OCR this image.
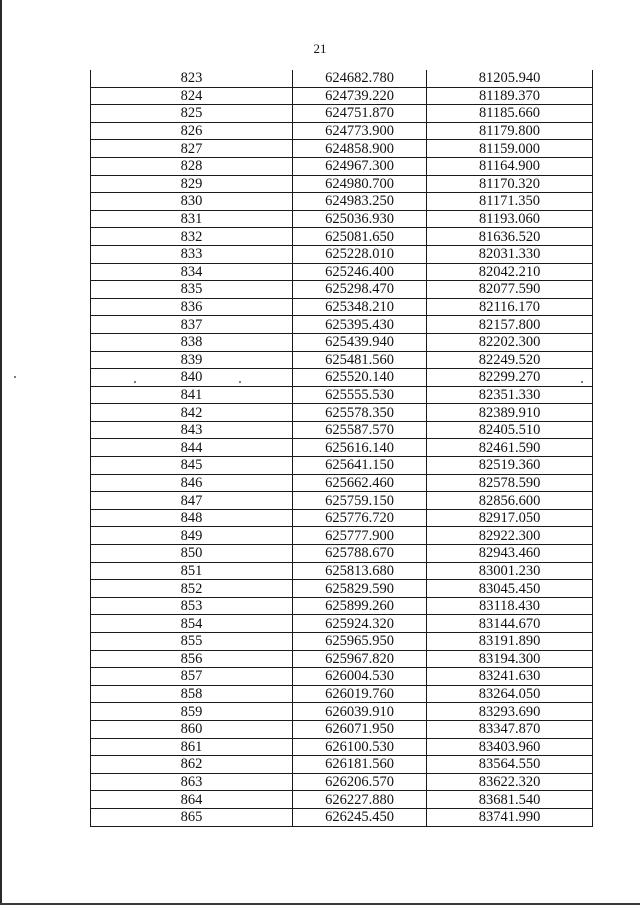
21
823	624682.780	81205.940
824	624739.220	81189.370
825	624751.870	81185.660
826	624773.900	81179.800
827	624858.900	81159.000
828	624967.300	81164.900
829	624980.700	81170.320
830	624983.250	81171.350
831	625036.930	81193.060
832	625081.650	81636.520
833	625228.010	82031.330
834	625246.400	82042.210
835	625298.470	82077.590
836	625348.210	82116.170
837	625395.430	82157.800
838	625439.940	82202.300
839	625481.560	82249.520
840	625520.140	82299.270
841	625555.530	82351.330
842	625578.350	82389.910
843	625587.570	82405.510
844	625616.140	82461.590
845	625641.150	82519.360
846	625662.460	82578.590
847	625759.150	82856.600
848	625776.720	82917.050
849	625777.900	82922.300
850	625788.670	82943.460
851	625813.680	83001.230
852	625829.590	83045.450
853	625899.260	83118.430
854	625924.320	83144.670
855	625965.950	83191.890
856	625967.820	83194.300
857	626004.530	83241.630
858	626019.760	83264.050
859	626039.910	83293.690
860	626071.950	83347.870
861	626100.530	83403.960
862	626181.560	83564.550
863	626206.570	83622.320
864	626227.880	83681.540
865	626245.450	83741.990
